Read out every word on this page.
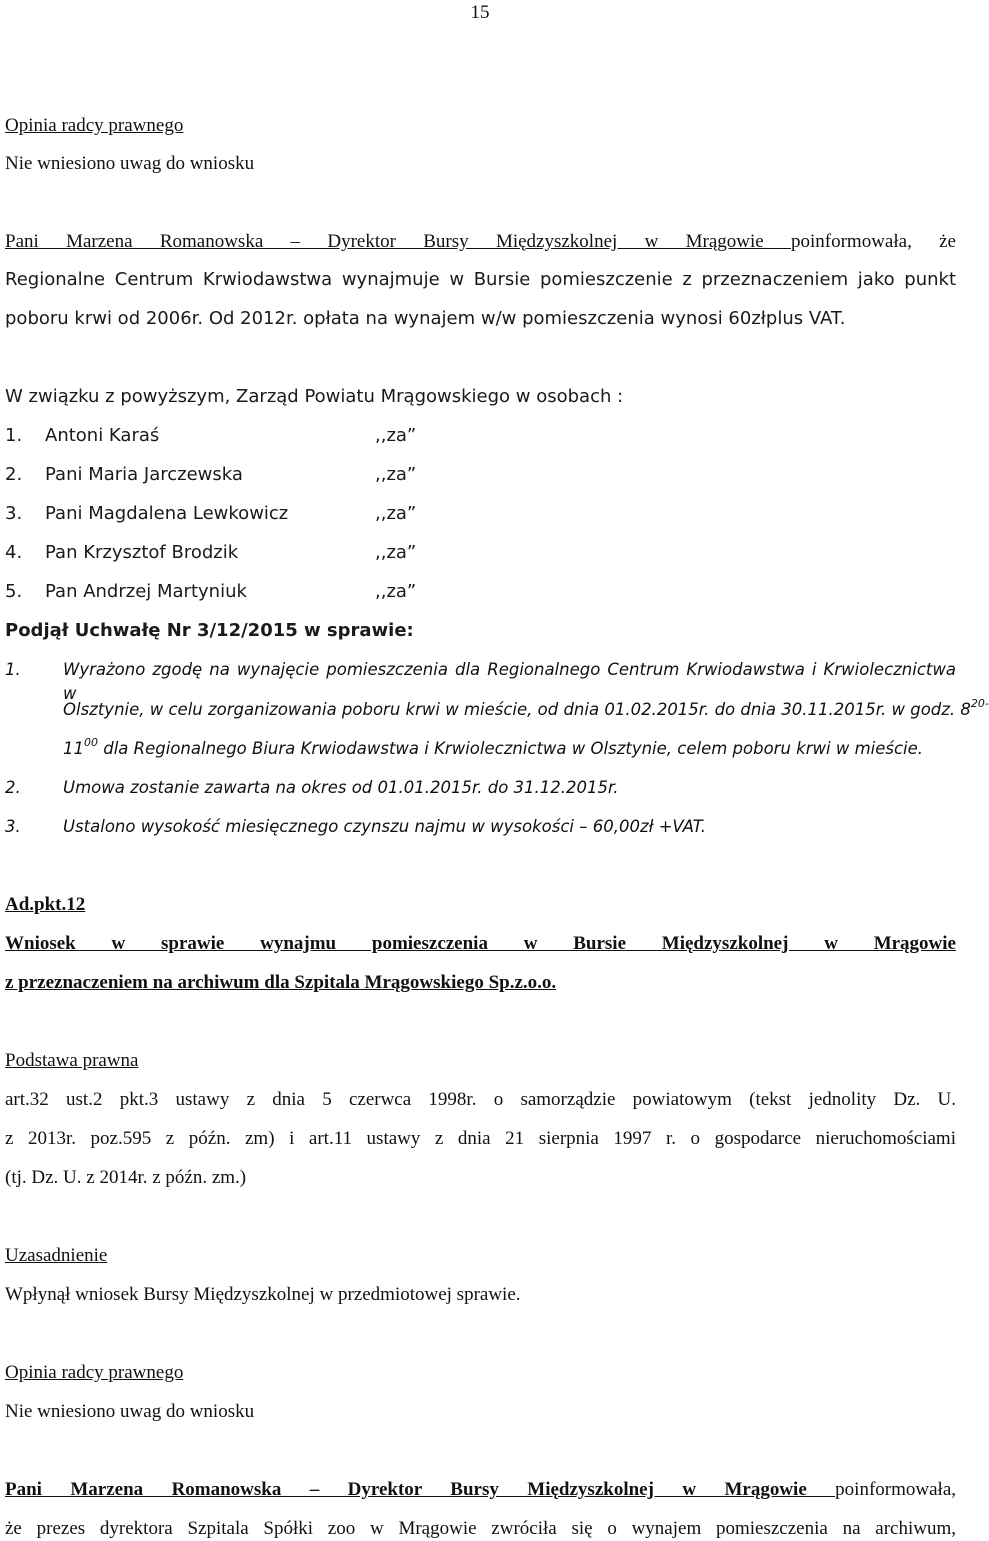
15
Opinia radcy prawnego
Nie wniesiono uwag do wniosku
Pani Marzena Romanowska – Dyrektor Bursy Międzyszkolnej w Mrągowie poinformowała, że
Regionalne Centrum Krwiodawstwa wynajmuje w Bursie pomieszczenie z przeznaczeniem jako punkt
poboru krwi od 2006r. Od 2012r. opłata na wynajem w/w pomieszczenia wynosi 60złplus VAT.
W związku z powyższym, Zarząd Powiatu Mrągowskiego w osobach :
1. Antoni Karaś	,,za”
2. Pani Maria Jarczewska	,,za”
3. Pani Magdalena Lewkowicz	,,za”
4. Pan Krzysztof Brodzik	,,za”
5. Pan Andrzej Martyniuk	,,za”
Podjął Uchwałę Nr 3/12/2015 w sprawie:
1.	Wyrażono zgodę na wynajęcie pomieszczenia dla Regionalnego Centrum Krwiodawstwa i Krwiolecznictwa w
Olsztynie, w celu zorganizowania poboru krwi w mieście, od dnia 01.02.2015r. do dnia 30.11.2015r. w godz. $8^{20-}$
$11^{00}$ dla Regionalnego Biura Krwiodawstwa i Krwiolecznictwa w Olsztynie, celem poboru krwi w mieście.
2.	Umowa zostanie zawarta na okres od 01.01.2015r. do 31.12.2015r.
3.	Ustalono wysokość miesięcznego czynszu najmu w wysokości – 60,00zł +VAT.
Ad.pkt.12
Wniosek w sprawie wynajmu pomieszczenia w Bursie Międzyszkolnej w Mrągowie
z przeznaczeniem na archiwum dla Szpitala Mrągowskiego Sp.z.o.o.
Podstawa prawna
art.32 ust.2 pkt.3 ustawy z dnia 5 czerwca 1998r. o samorządzie powiatowym (tekst jednolity Dz. U.
z 2013r. poz.595 z późn. zm) i art.11 ustawy z dnia 21 sierpnia 1997 r. o gospodarce nieruchomościami
(tj. Dz. U. z 2014r. z późn. zm.)
Uzasadnienie
Wpłynął wniosek Bursy Międzyszkolnej w przedmiotowej sprawie.
Opinia radcy prawnego
Nie wniesiono uwag do wniosku
Pani Marzena Romanowska – Dyrektor Bursy Międzyszkolnej w Mrągowie poinformowała,
że prezes dyrektora Szpitala Spółki zoo w Mrągowie zwróciła się o wynajem pomieszczenia na archiwum,
